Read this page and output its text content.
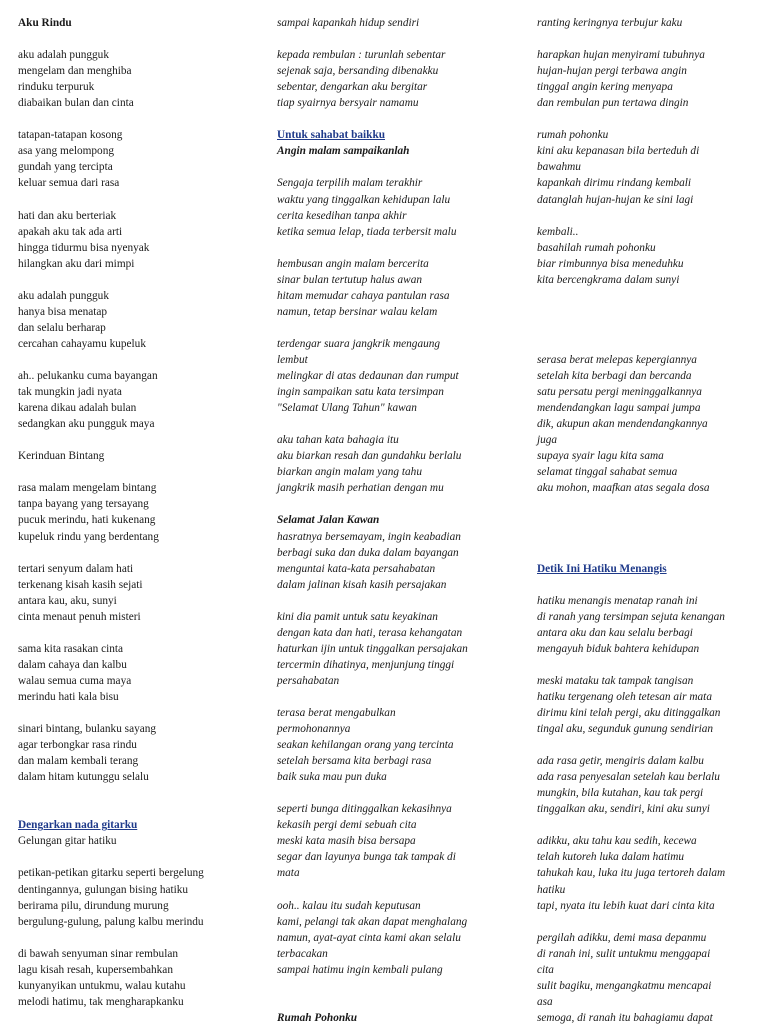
Aku Rindu
aku adalah pungguk
mengelam dan menghiba
rinduku terpuruk
diabaikan bulan dan cinta
tatapan-tatapan kosong
asa yang melompong
gundah yang tercipta
keluar semua dari rasa
hati dan aku berteriak
apakah aku tak ada arti
hingga tidurmu bisa nyenyak
hilangkan aku dari mimpi
aku adalah pungguk
hanya bisa menatap
dan selalu berharap
cercahan cahayamu kupeluk
ah.. pelukanku cuma bayangan
tak mungkin jadi nyata
karena dikau adalah bulan
sedangkan aku pungguk maya
Kerinduan Bintang
rasa malam mengelam bintang
tanpa bayang yang tersayang
pucuk merindu, hati kukenang
kupeluk rindu yang berdentang
tertari senyum dalam hati
terkenang kisah kasih sejati
antara kau, aku, sunyi
cinta menaut penuh misteri
sama kita rasakan cinta
dalam cahaya dan kalbu
walau semua cuma maya
merindu hati kala bisu
sinari bintang, bulanku sayang
agar terbongkar rasa rindu
dan malam kembali terang
dalam hitam kutunggu selalu
Dengarkan nada gitarku
Gelungan gitar hatiku
petikan-petikan gitarku seperti bergelung
dentingannya, gulungan bising hatiku
berirama pilu, dirundung murung
bergulung-gulung, palung kalbu merindu
di bawah senyuman sinar rembulan
lagu kisah resah, kupersembahkan
kunyanyikan untukmu, walau kutahu
melodi hatimu, tak mengharapkanku
sampai kapankah hidup sendiri
kepada rembulan : turunlah sebentar
sejenak saja, bersanding dibenakku
sebentar, dengarkan aku bergitar
tiap syairnya bersyair namamu
Untuk sahabat baikku
Angin malam sampaikanlah
Sengaja terpilih malam terakhir
waktu yang tinggalkan kehidupan lalu
cerita kesedihan tanpa akhir
ketika semua lelap, tiada terbersit malu
hembusan angin malam bercerita
sinar bulan tertutup halus awan
hitam memudar cahaya pantulan rasa
namun, tetap bersinar walau kelam
terdengar suara jangkrik mengaung
lembut
melingkar di atas dedaunan dan rumput
ingin sampaikan satu kata tersimpan
"Selamat Ulang Tahun" kawan
aku tahan kata bahagia itu
aku biarkan resah dan gundahku berlalu
biarkan angin malam yang tahu
jangkrik masih perhatian dengan mu
Selamat Jalan Kawan
hasratnya bersemayam, ingin keabadian
berbagi suka dan duka dalam bayangan
menguntai kata-kata persahabatan
dalam jalinan kisah kasih persajakan
kini dia pamit untuk satu keyakinan
dengan kata dan hati, terasa kehangatan
haturkan ijin untuk tinggalkan persajakan
tercermin dihatinya, menjunjung tinggi
persahabatan
terasa berat mengabulkan
permohonannya
seakan kehilangan orang yang tercinta
setelah bersama kita berbagi rasa
baik suka mau pun duka
seperti bunga ditinggalkan kekasihnya
kekasih pergi demi sebuah cita
meski kata masih bisa bersapa
segar dan layunya bunga tak tampak di
mata
ooh.. kalau itu sudah keputusan
kami, pelangi tak akan dapat menghalang
namun, ayat-ayat cinta kami akan selalu
terbacakan
sampai hatimu ingin kembali pulang
Rumah Pohonku
ranting keringnya terbujur kaku
harapkan hujan menyirami tubuhnya
hujan-hujan pergi terbawa angin
tinggal angin kering menyapa
dan rembulan pun tertawa dingin
rumah pohonku
kini aku kepanasan bila berteduh di
bawahmu
kapankah dirimu rindang kembali
datanglah hujan-hujan ke sini lagi
kembali..
basahilah rumah pohonku
biar rimbunnya bisa meneduhku
kita bercengkrama dalam sunyi
serasa berat melepas kepergiannya
setelah kita berbagi dan bercanda
satu persatu pergi meninggalkannya
mendendangkan lagu sampai jumpa
dik, akupun akan mendendangkannya
juga
supaya syair lagu kita sama
selamat tinggal sahabat semua
aku mohon, maafkan atas segala dosa
Detik Ini Hatiku Menangis
hatiku menangis menatap ranah ini
di ranah yang tersimpan sejuta kenangan
antara aku dan kau selalu berbagi
mengayuh biduk bahtera kehidupan
meski mataku tak tampak tangisan
hatiku tergenang oleh tetesan air mata
dirimu kini telah pergi, aku ditinggalkan
tingal aku, segunduk gunung sendirian
ada rasa getir, mengiris dalam kalbu
ada rasa penyesalan setelah kau berlalu
mungkin, bila kutahan, kau tak pergi
tinggalkan aku, sendiri, kini aku sunyi
adikku, aku tahu kau sedih, kecewa
telah kutoreh luka dalam hatimu
tahukah kau, luka itu juga tertoreh dalam
hatiku
tapi, nyata itu lebih kuat dari cinta kita
pergilah adikku, demi masa depanmu
di ranah ini, sulit untukmu menggapai
cita
sulit bagiku, mengangkatmu mencapai
asa
semoga, di ranah itu bahagiamu dapat
